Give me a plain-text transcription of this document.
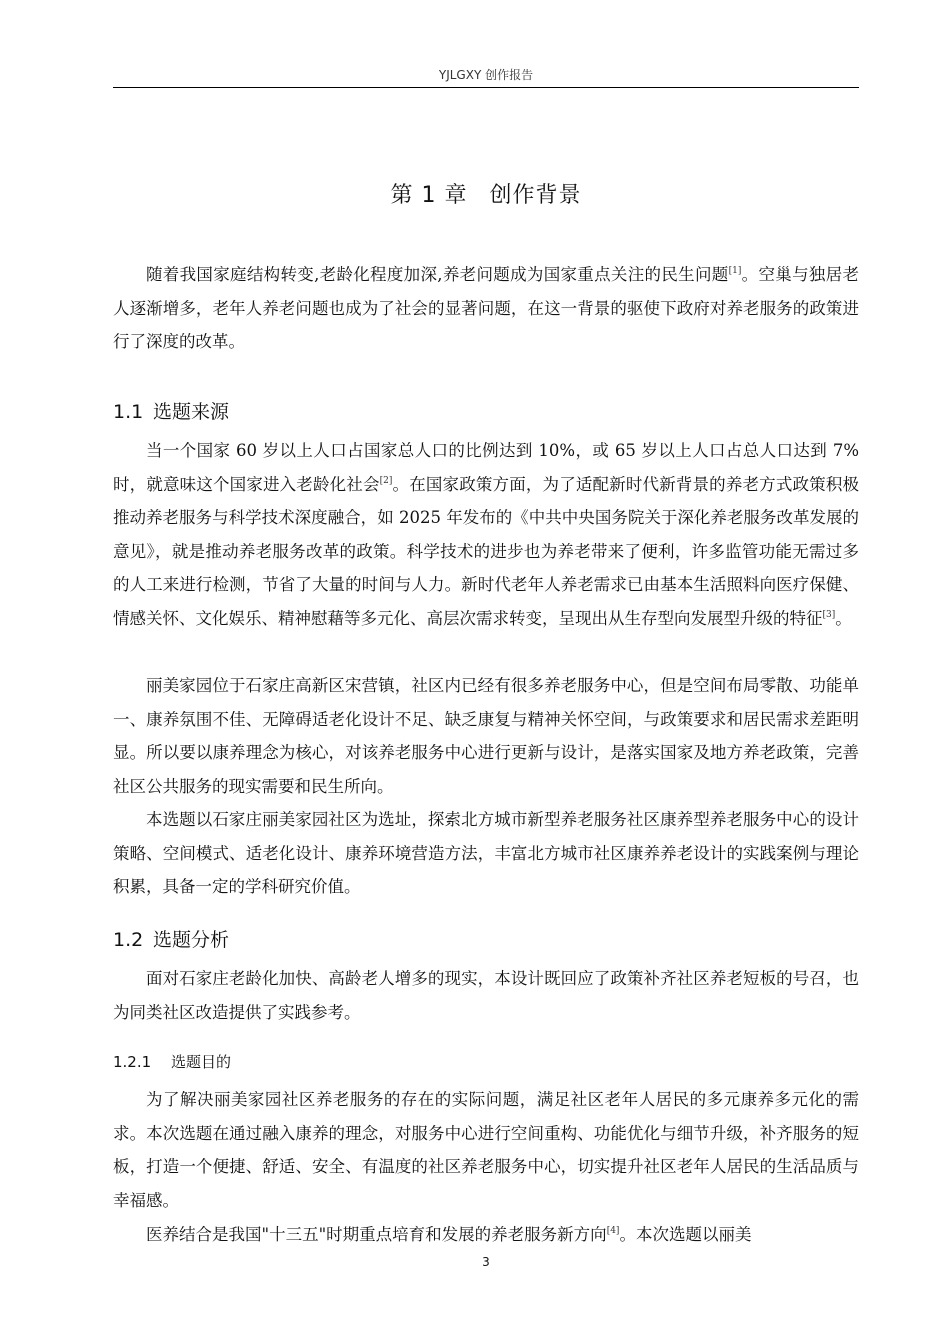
YJLGXY 创作报告
第 1 章 创作背景

随着我国家庭结构转变,老龄化程度加深,养老问题成为国家重点关注的民生问题[1]。空巢与独居老人逐渐增多，老年人养老问题也成为了社会的显著问题，在这一背景的驱使下政府对养老服务的政策进行了深度的改革。

1.1 选题来源

当一个国家 60 岁以上人口占国家总人口的比例达到 10%，或 65 岁以上人口占总人口达到 7%时，就意味这个国家进入老龄化社会[2]。在国家政策方面，为了适配新时代新背景的养老方式政策积极推动养老服务与科学技术深度融合，如 2025 年发布的《中共中央国务院关于深化养老服务改革发展的意见》，就是推动养老服务改革的政策。科学技术的进步也为养老带来了便利，许多监管功能无需过多的人工来进行检测，节省了大量的时间与人力。新时代老年人养老需求已由基本生活照料向医疗保健、情感关怀、文化娱乐、精神慰藉等多元化、高层次需求转变，呈现出从生存型向发展型升级的特征[3]。

丽美家园位于石家庄高新区宋营镇，社区内已经有很多养老服务中心，但是空间布局零散、功能单一、康养氛围不佳、无障碍适老化设计不足、缺乏康复与精神关怀空间，与政策要求和居民需求差距明显。所以要以康养理念为核心，对该养老服务中心进行更新与设计，是落实国家及地方养老政策，完善社区公共服务的现实需要和民生所向。

本选题以石家庄丽美家园社区为选址，探索北方城市新型养老服务社区康养型养老服务中心的设计策略、空间模式、适老化设计、康养环境营造方法，丰富北方城市社区康养养老设计的实践案例与理论积累，具备一定的学科研究价值。

1.2 选题分析

面对石家庄老龄化加快、高龄老人增多的现实，本设计既回应了政策补齐社区养老短板的号召，也为同类社区改造提供了实践参考。

1.2.1 选题目的

为了解决丽美家园社区养老服务的存在的实际问题，满足社区老年人居民的多元康养多元化的需求。本次选题在通过融入康养的理念，对服务中心进行空间重构、功能优化与细节升级，补齐服务的短板，打造一个便捷、舒适、安全、有温度的社区养老服务中心，切实提升社区老年人居民的生活品质与幸福感。

医养结合是我国"十三五"时期重点培育和发展的养老服务新方向[4]。本次选题以丽美

3
